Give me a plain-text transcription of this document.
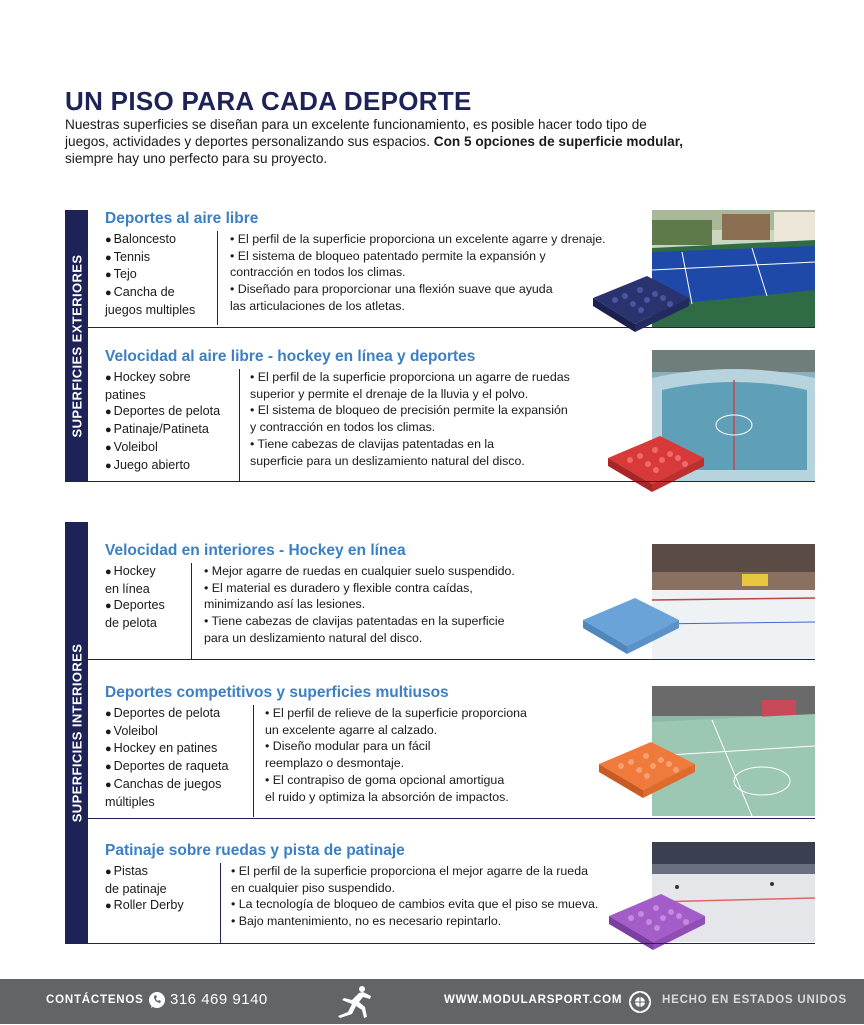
UN PISO PARA CADA DEPORTE

Nuestras superficies se diseñan para un excelente funcionamiento, es posible hacer todo tipo de
juegos, actividades y deportes personalizando sus espacios. Con 5 opciones de superficie modular,
siempre hay uno perfecto para su proyecto.

SUPERFICIES EXTERIORES
Deportes al aire libre
● Baloncesto
● Tennis
● Tejo
● Cancha de
juegos multiples
• El perfil de la superficie proporciona un excelente agarre y drenaje.
• El sistema de bloqueo patentado permite la expansión y
contracción en todos los climas.
• Diseñado para proporcionar una flexión suave que ayuda
las articulaciones de los atletas.
Velocidad al aire libre - hockey en línea y deportes
● Hockey sobre
patines
● Deportes de pelota
● Patinaje/Patineta
● Voleibol
● Juego abierto
• El perfil de la superficie proporciona un agarre de ruedas
superior y permite el drenaje de la lluvia y el polvo.
• El sistema de bloqueo de precisión permite la expansión
y contracción en todos los climas.
• Tiene cabezas de clavijas patentadas en la
superficie para un deslizamiento natural del disco.
SUPERFICIES INTERIORES
Velocidad en interiores - Hockey en línea
● Hockey
en línea
● Deportes
de pelota
• Mejor agarre de ruedas en cualquier suelo suspendido.
• El material es duradero y flexible contra caídas,
minimizando así las lesiones.
• Tiene cabezas de clavijas patentadas en la superficie
para un deslizamiento natural del disco.
Deportes competitivos y superficies multiusos
● Deportes de pelota
● Voleibol
● Hockey en patines
● Deportes de raqueta
● Canchas de juegos
múltiples
• El perfil de relieve de la superficie proporciona
un excelente agarre al calzado.
• Diseño modular para un fácil
reemplazo o desmontaje.
• El contrapiso de goma opcional amortigua
el ruido y optimiza la absorción de impactos.
Patinaje sobre ruedas y pista de patinaje
● Pistas
de patinaje
● Roller Derby
• El perfil de la superficie proporciona el mejor agarre de la rueda
en cualquier piso suspendido.
• La tecnología de bloqueo de cambios evita que el piso se mueva.
• Bajo mantenimiento, no es necesario repintarlo.
CONTÁCTENOS 316 469 9140	WWW.MODULARSPORT.COM	HECHO EN ESTADOS UNIDOS
